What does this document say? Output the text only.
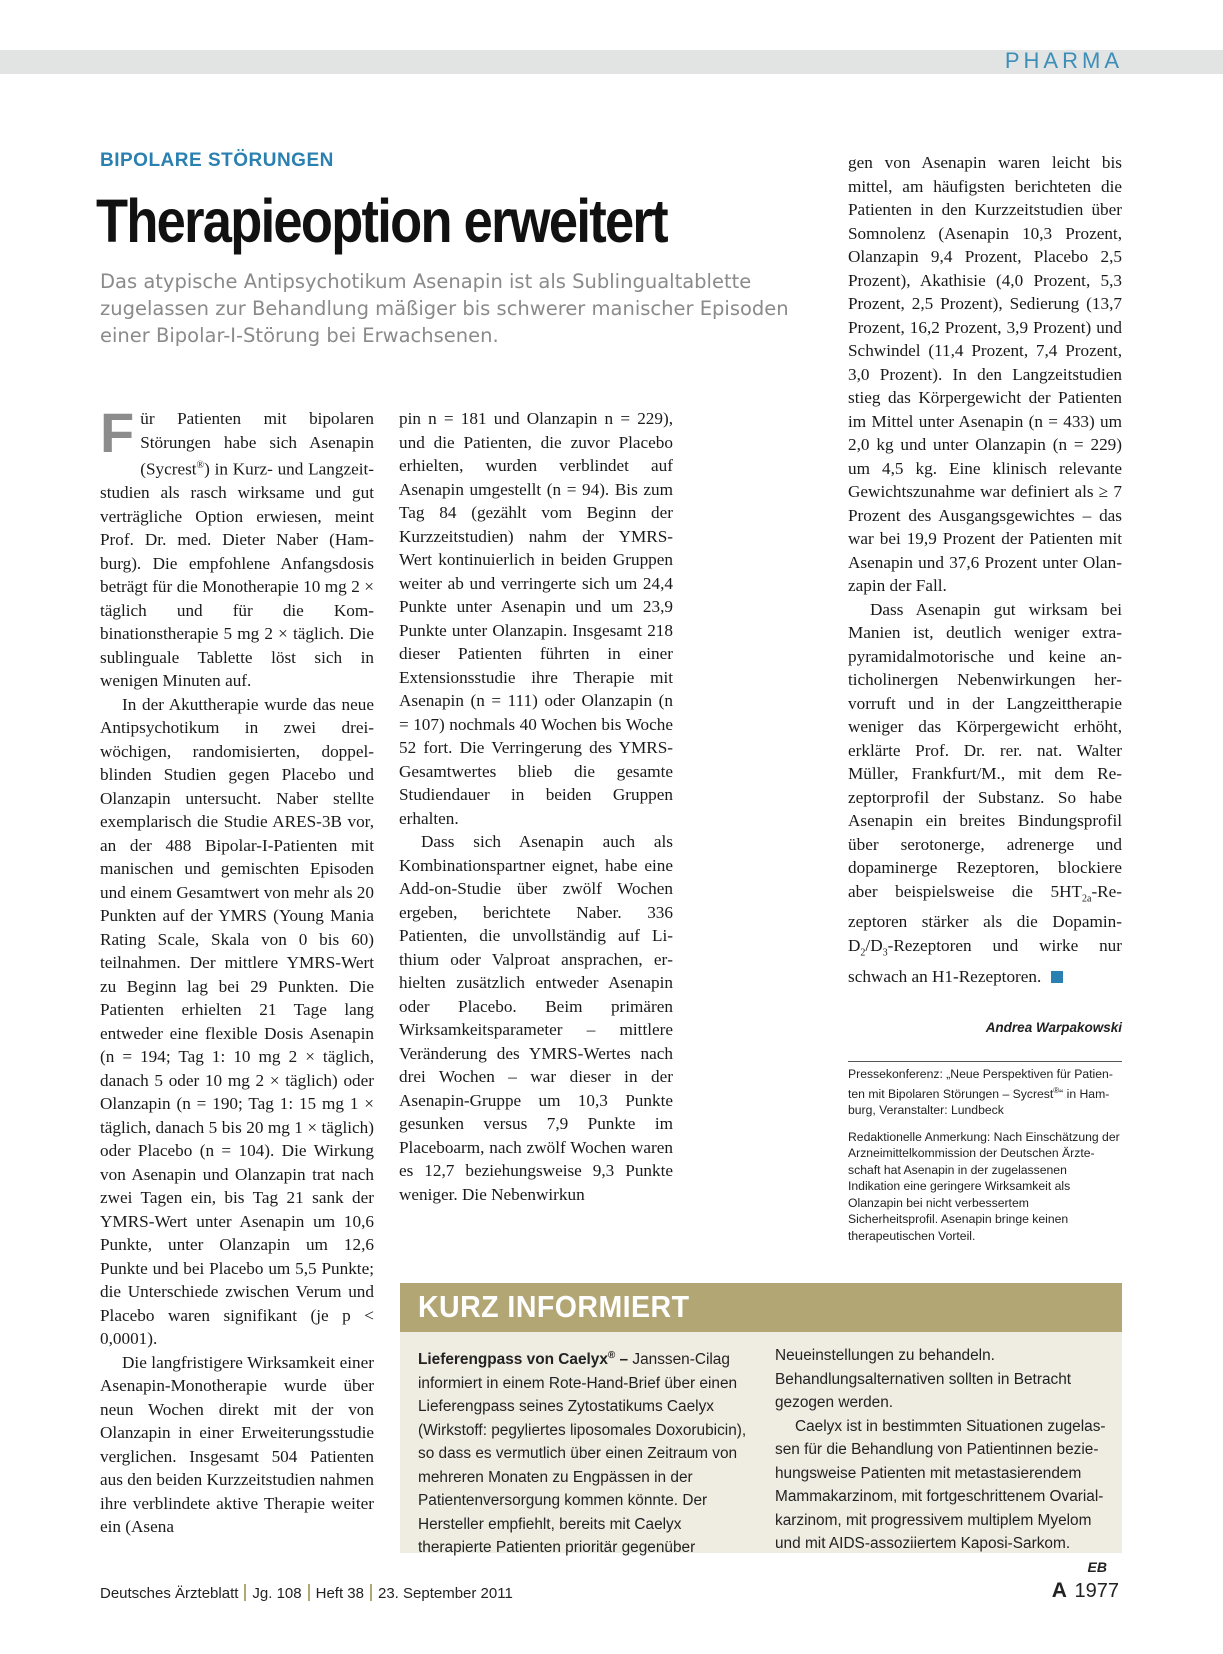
PHARMA
BIPOLARE STÖRUNGEN
Therapieoption erweitert
Das atypische Antipsychotikum Asenapin ist als Sublingualtablette zugelassen zur Behandlung mäßiger bis schwerer manischer Episoden einer Bipolar-I-Störung bei Erwachsenen.

Für Patienten mit bipolaren Störungen habe sich Asenapin (Sycrest®) in Kurz- und Langzeitstudien als rasch wirksame und gut verträgliche Option erwiesen, meint Prof. Dr. med. Dieter Naber (Hamburg). Die empfohlene Anfangsdosis beträgt für die Monotherapie 10 mg 2 × täglich und für die Kombinationstherapie 5 mg 2 × täglich. Die sublinguale Tablette löst sich in wenigen Minuten auf.

In der Akuttherapie wurde das neue Antipsychotikum in zwei dreiwöchigen, randomisierten, doppelblinden Studien gegen Placebo und Olanzapin untersucht. Naber stellte exemplarisch die Studie ARES-3B vor, an der 488 Bipolar-I-Patienten mit manischen und gemischten Episoden und einem Gesamtwert von mehr als 20 Punkten auf der YMRS (Young Mania Rating Scale, Skala von 0 bis 60) teilnahmen. Der mittlere YMRS-Wert zu Beginn lag bei 29 Punkten. Die Patienten erhielten 21 Tage lang entweder eine flexible Dosis Asenapin (n = 194; Tag 1: 10 mg 2 × täglich, danach 5 oder 10 mg 2 × täglich) oder Olanzapin (n = 190; Tag 1: 15 mg 1 × täglich, danach 5 bis 20 mg 1 × täglich) oder Placebo (n = 104). Die Wirkung von Asenapin und Olanzapin trat nach zwei Tagen ein, bis Tag 21 sank der YMRS-Wert unter Asenapin um 10,6 Punkte, unter Olanzapin um 12,6 Punkte und bei Placebo um 5,5 Punkte; die Unterschiede zwischen Verum und Placebo waren signifikant (je p < 0,0001).

Die langfristigere Wirksamkeit einer Asenapin-Monotherapie wurde über neun Wochen direkt mit der von Olanzapin in einer Erweiterungsstudie verglichen. Insgesamt 504 Patienten aus den beiden Kurzzeitstudien nahmen ihre verblindete aktive Therapie weiter ein (Asena

pin n = 181 und Olanzapin n = 229), und die Patienten, die zuvor Placebo erhielten, wurden verblindet auf Asenapin umgestellt (n = 94). Bis zum Tag 84 (gezählt vom Beginn der Kurzzeitstudien) nahm der YMRS-Wert kontinuierlich in beiden Gruppen weiter ab und verringerte sich um 24,4 Punkte unter Asenapin und um 23,9 Punkte unter Olanzapin. Insgesamt 218 dieser Patienten führten in einer Extensionsstudie ihre Therapie mit Asenapin (n = 111) oder Olanzapin (n = 107) nochmals 40 Wochen bis Woche 52 fort. Die Verringerung des YMRS-Gesamtwertes blieb die gesamte Studiendauer in beiden Gruppen erhalten.

Dass sich Asenapin auch als Kombinationspartner eignet, habe eine Add-on-Studie über zwölf Wochen ergeben, berichtete Naber. 336 Patienten, die unvollständig auf Lithium oder Valproat ansprachen, erhielten zusätzlich entweder Asenapin oder Placebo. Beim primären Wirksamkeitsparameter – mittlere Veränderung des YMRS-Wertes nach drei Wochen – war dieser in der Asenapin-Gruppe um 10,3 Punkte gesunken versus 7,9 Punkte im Placeboarm, nach zwölf Wochen waren es 12,7 beziehungsweise 9,3 Punkte weniger. Die Nebenwirkun

gen von Asenapin waren leicht bis mittel, am häufigsten berichteten die Patienten in den Kurzzeitstudien über Somnolenz (Asenapin 10,3 Prozent, Olanzapin 9,4 Prozent, Placebo 2,5 Prozent), Akathisie (4,0 Prozent, 5,3 Prozent, 2,5 Prozent), Sedierung (13,7 Prozent, 16,2 Prozent, 3,9 Prozent) und Schwindel (11,4 Prozent, 7,4 Prozent, 3,0 Prozent). In den Langzeitstudien stieg das Körpergewicht der Patienten im Mittel unter Asenapin (n = 433) um 2,0 kg und unter Olanzapin (n = 229) um 4,5 kg. Eine klinisch relevante Gewichtszunahme war definiert als ≥ 7 Prozent des Ausgangsgewichtes – das war bei 19,9 Prozent der Patienten mit Asenapin und 37,6 Prozent unter Olanzapin der Fall.

Dass Asenapin gut wirksam bei Manien ist, deutlich weniger extrapyramidalmotorische und keine anticholinergen Nebenwirkungen hervorruft und in der Langzeittherapie weniger das Körpergewicht erhöht, erklärte Prof. Dr. rer. nat. Walter Müller, Frankfurt/M., mit dem Rezeptorprofil der Substanz. So habe Asenapin ein breites Bindungsprofil über serotonerge, adrenerge und dopaminerge Rezeptoren, blockiere aber beispielsweise die $5HT_{2a}$-Rezeptoren stärker als die Dopamin-$D_2/D_3$-Rezeptoren und wirke nur schwach an H1-Rezeptoren.

Andrea Warpakowski

Pressekonferenz: „Neue Perspektiven für Patienten mit Bipolaren Störungen – Sycrest®“ in Hamburg, Veranstalter: Lundbeck

Redaktionelle Anmerkung: Nach Einschätzung der Arzneimittelkommission der Deutschen Ärzteschaft hat Asenapin in der zugelassenen Indikation eine geringere Wirksamkeit als Olanzapin bei nicht verbessertem Sicherheitsprofil. Asenapin bringe keinen therapeutischen Vorteil.

KURZ INFORMIERT

Lieferengpass von Caelyx® – Janssen-Cilag informiert in einem Rote-Hand-Brief über einen Lieferengpass seines Zytostatikums Caelyx (Wirkstoff: pegyliertes liposomales Doxorubicin), so dass es vermutlich über einen Zeitraum von mehreren Monaten zu Engpässen in der Patientenversorgung kommen könnte. Der Hersteller empfiehlt, bereits mit Caelyx therapierte Patienten prioritär gegenüber

Neueinstellungen zu behandeln. Behandlungsalternativen sollten in Betracht gezogen werden.

Caelyx ist in bestimmten Situationen zugelassen für die Behandlung von Patientinnen beziehungsweise Patienten mit metastasierendem Mammakarzinom, mit fortgeschrittenem Ovarialkarzinom, mit progressivem multiplem Myelom und mit AIDS-assoziiertem Kaposi-Sarkom.
EB

Deutsches Ärzteblatt Jg. 108 Heft 38 23. September 2011	A 1977
